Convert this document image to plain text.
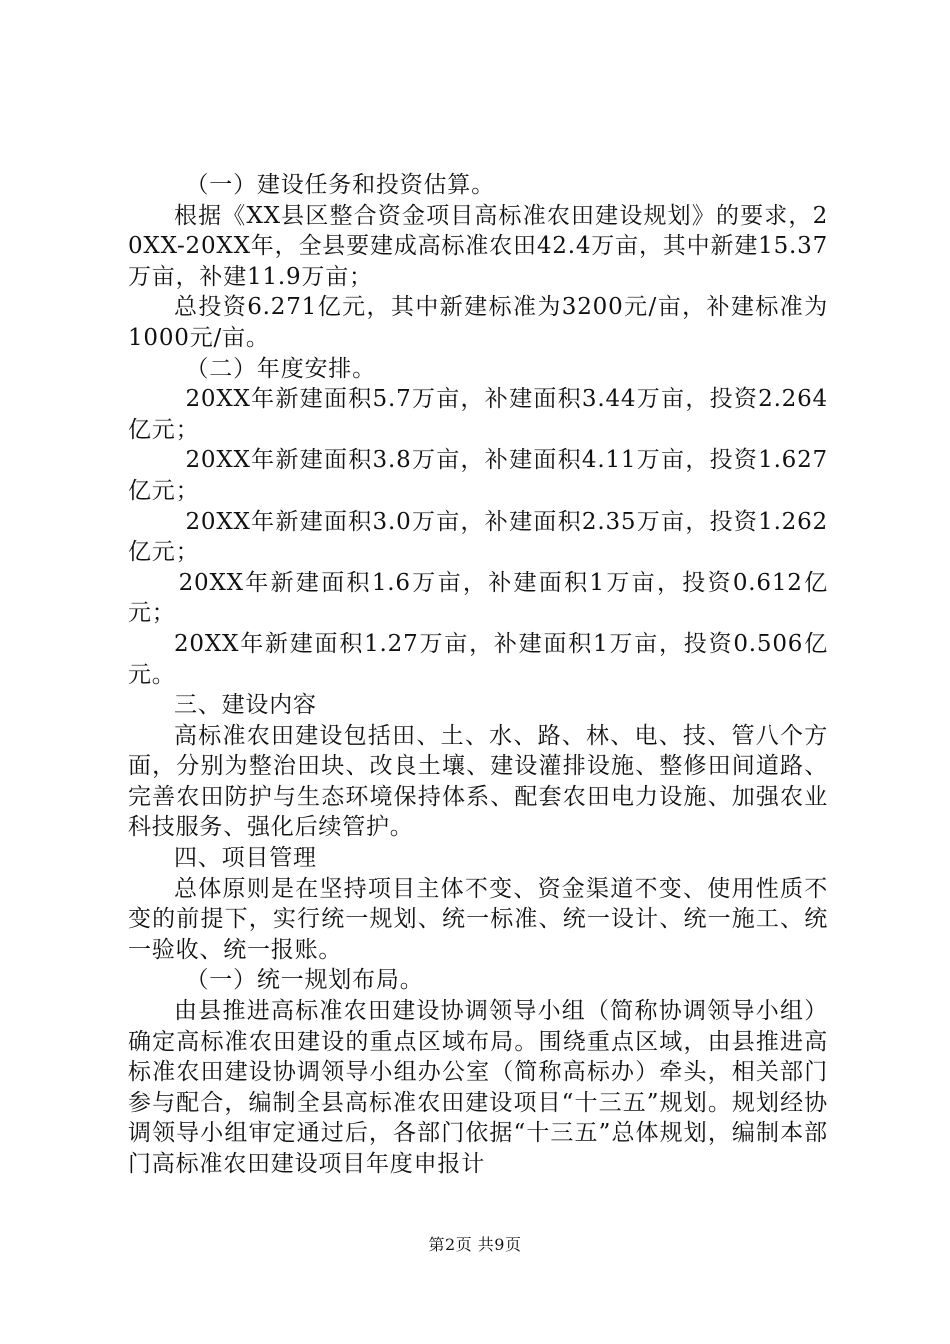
（一）建设任务和投资估算。

根据《XX县区整合资金项目高标准农田建设规划》的要求，20XX-20XX年，全县要建成高标准农田42.4万亩，其中新建15.37万亩，补建11.9万亩；

总投资6.271亿元，其中新建标准为3200元/亩，补建标准为1000元/亩。

（二）年度安排。

20XX年新建面积5.7万亩，补建面积3.44万亩，投资2.264亿元；

20XX年新建面积3.8万亩，补建面积4.11万亩，投资1.627亿元；

20XX年新建面积3.0万亩，补建面积2.35万亩，投资1.262亿元；

20XX年新建面积1.6万亩，补建面积1万亩，投资0.612亿元；

20XX年新建面积1.27万亩，补建面积1万亩，投资0.506亿元。

三、建设内容

高标准农田建设包括田、土、水、路、林、电、技、管八个方面，分别为整治田块、改良土壤、建设灌排设施、整修田间道路、完善农田防护与生态环境保持体系、配套农田电力设施、加强农业科技服务、强化后续管护。

四、项目管理

总体原则是在坚持项目主体不变、资金渠道不变、使用性质不变的前提下，实行统一规划、统一标准、统一设计、统一施工、统一验收、统一报账。

（一）统一规划布局。

由县推进高标准农田建设协调领导小组（简称协调领导小组）确定高标准农田建设的重点区域布局。围绕重点区域，由县推进高标准农田建设协调领导小组办公室（简称高标办）牵头，相关部门参与配合，编制全县高标准农田建设项目“十三五”规划。规划经协调领导小组审定通过后，各部门依据“十三五”总体规划，编制本部门高标准农田建设项目年度申报计

第2页 共9页
